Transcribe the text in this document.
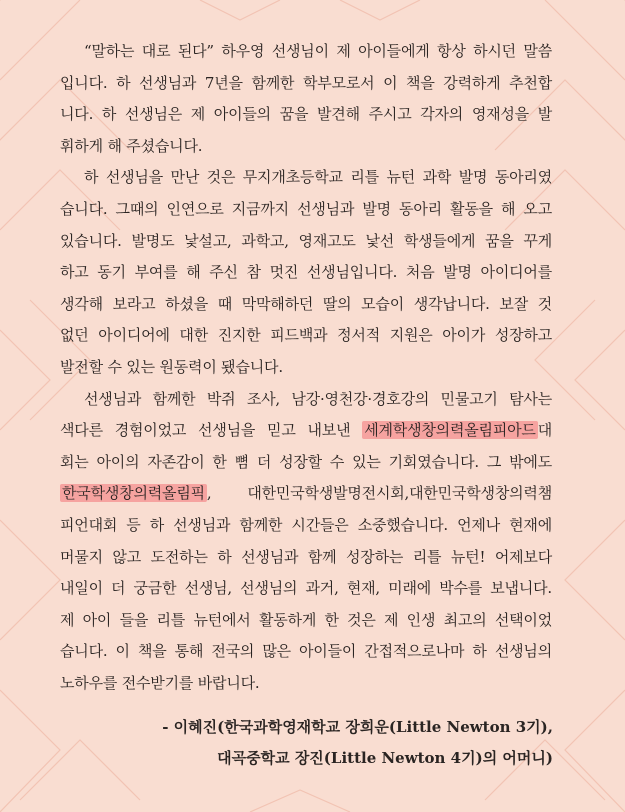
“말하는 대로 된다” 하우영 선생님이 제 아이들에게 항상 하시던 말씀
입니다. 하 선생님과 7년을 함께한 학부모로서 이 책을 강력하게 추천합
니다. 하 선생님은 제 아이들의 꿈을 발견해 주시고 각자의 영재성을 발
휘하게 해 주셨습니다.

하 선생님을 만난 것은 무지개초등학교 리틀 뉴턴 과학 발명 동아리였
습니다. 그때의 인연으로 지금까지 선생님과 발명 동아리 활동을 해 오고
있습니다. 발명도 낯설고, 과학고, 영재고도 낯선 학생들에게 꿈을 꾸게
하고 동기 부여를 해 주신 참 멋진 선생님입니다. 처음 발명 아이디어를
생각해 보라고 하셨을 때 막막해하던 딸의 모습이 생각납니다. 보잘 것
없던 아이디어에 대한 진지한 피드백과 정서적 지원은 아이가 성장하고
발전할 수 있는 원동력이 됐습니다.

선생님과 함께한 박쥐 조사, 남강·영천강·경호강의 민물고기 탐사는
색다른 경험이었고 선생님을 믿고 내보낸 세계학생창의력올림피아드 대
회는 아이의 자존감이 한 뼘 더 성장할 수 있는 기회였습니다. 그 밖에도
한국학생창의력올림픽 , 대한민국학생발명전시회,대한민국학생창의력챔
피언대회 등 하 선생님과 함께한 시간들은 소중했습니다. 언제나 현재에
머물지 않고 도전하는 하 선생님과 함께 성장하는 리틀 뉴턴! 어제보다
내일이 더 궁금한 선생님, 선생님의 과거, 현재, 미래에 박수를 보냅니다.
제 아이 들을 리틀 뉴턴에서 활동하게 한 것은 제 인생 최고의 선택이었
습니다. 이 책을 통해 전국의 많은 아이들이 간접적으로나마 하 선생님의
노하우를 전수받기를 바랍니다.

- 이혜진(한국과학영재학교 장희운(Little Newton 3기),
대곡중학교 장진(Little Newton 4기)의 어머니)
